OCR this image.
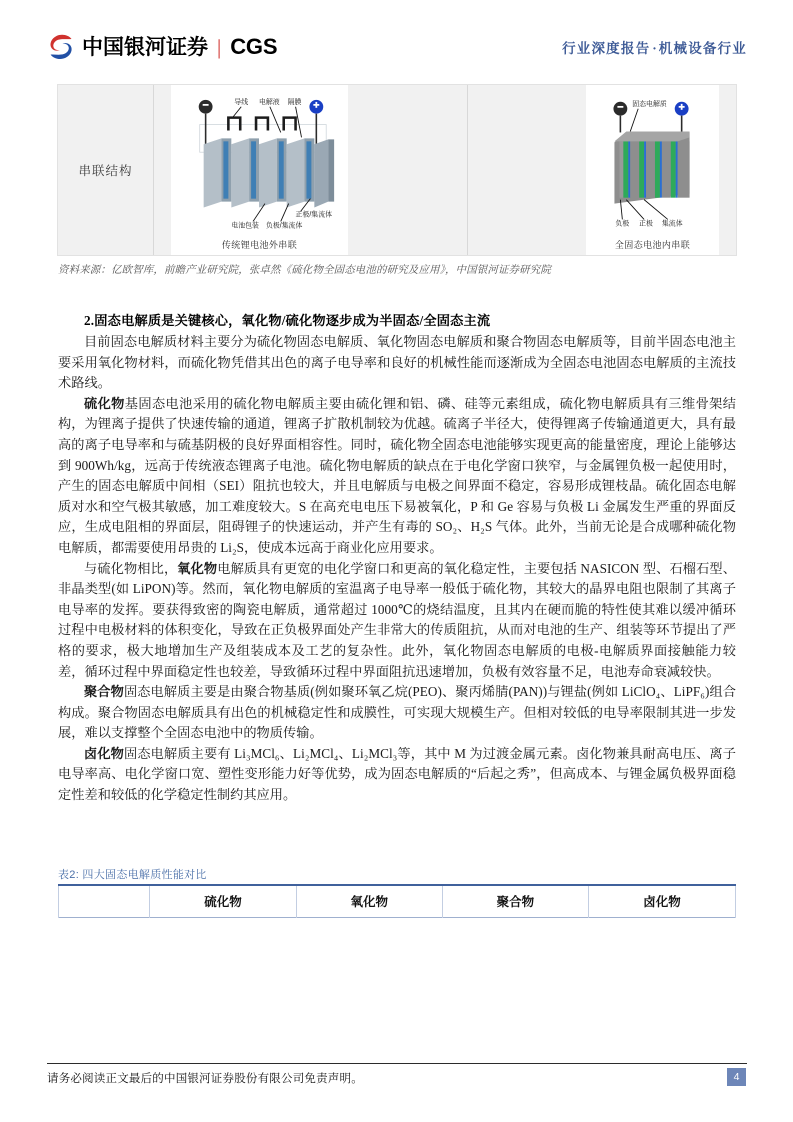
中国银河证券 | CGS	行业深度报告 · 机械设备行业
串联结构
导线 电解液 隔膜
电池包装 负极/集流体
正极/集流体
传统锂电池外串联
固态电解质
负极 正极 集流体
全固态电池内串联
资料来源：亿欧智库，前瞻产业研究院，张卓然《硫化物全固态电池的研究及应用》，中国银河证券研究院
2.固态电解质是关键核心，氧化物/硫化物逐步成为半固态/全固态主流

目前固态电解质材料主要分为硫化物固态电解质、氧化物固态电解质和聚合物固态电解质等，目前半固态电池主要采用氧化物材料，而硫化物凭借其出色的离子电导率和良好的机械性能而逐渐成为全固态电池固态电解质的主流技术路线。

硫化物基固态电池采用的硫化物电解质主要由硫化锂和铝、磷、硅等元素组成，硫化物电解质具有三维骨架结构，为锂离子提供了快速传输的通道，锂离子扩散机制较为优越。硫离子半径大，使得锂离子传输通道更大，具有最高的离子电导率和与硫基阴极的良好界面相容性。同时，硫化物全固态电池能够实现更高的能量密度，理论上能够达到 900Wh/kg，远高于传统液态锂离子电池。硫化物电解质的缺点在于电化学窗口狭窄，与金属锂负极一起使用时，产生的固态电解质中间相（SEI）阻抗也较大，并且电解质与电极之间界面不稳定，容易形成锂枝晶。硫化固态电解质对水和空气极其敏感，加工难度较大。S 在高充电电压下易被氧化，P 和 Ge 容易与负极 Li 金属发生严重的界面反应，生成电阻相的界面层，阻碍锂子的快速运动，并产生有毒的 SO₂、H₂S 气体。此外，当前无论是合成哪种硫化物电解质，都需要使用昂贵的 Li₂S，使成本远高于商业化应用要求。

与硫化物相比，氧化物电解质具有更宽的电化学窗口和更高的氧化稳定性，主要包括 NASICON 型、石榴石型、非晶类型(如 LiPON)等。然而，氧化物电解质的室温离子电导率一般低于硫化物，其较大的晶界电阻也限制了其离子电导率的发挥。要获得致密的陶瓷电解质，通常超过 1000℃的烧结温度，且其内在硬而脆的特性使其难以缓冲循环过程中电极材料的体积变化，导致在正负极界面处产生非常大的传质阻抗，从而对电池的生产、组装等环节提出了严格的要求，极大地增加生产及组装成本及工艺的复杂性。此外，氧化物固态电解质的电极-电解质界面接触能力较差，循环过程中界面稳定性也较差，导致循环过程中界面阻抗迅速增加，负极有效容量不足，电池寿命衰减较快。

聚合物固态电解质主要是由聚合物基质(例如聚环氧乙烷(PEO)、聚丙烯腈(PAN))与锂盐(例如 LiClO₄、LiPF₆)组合构成。聚合物固态电解质具有出色的机械稳定性和成膜性，可实现大规模生产。但相对较低的电导率限制其进一步发展，难以支撑整个全固态电池中的物质传输。

卤化物固态电解质主要有 Li₃MCl₆、Li₂MCl₄、Li₂MCl₃等，其中 M 为过渡金属元素。卤化物兼具耐高电压、离子电导率高、电化学窗口宽、塑性变形能力好等优势，成为固态电解质的“后起之秀”，但高成本、与锂金属负极界面稳定性差和较低的化学稳定性制约其应用。

表2: 四大固态电解质性能对比
	硫化物	氧化物	聚合物	卤化物
请务必阅读正文最后的中国银河证券股份有限公司免责声明。	4
